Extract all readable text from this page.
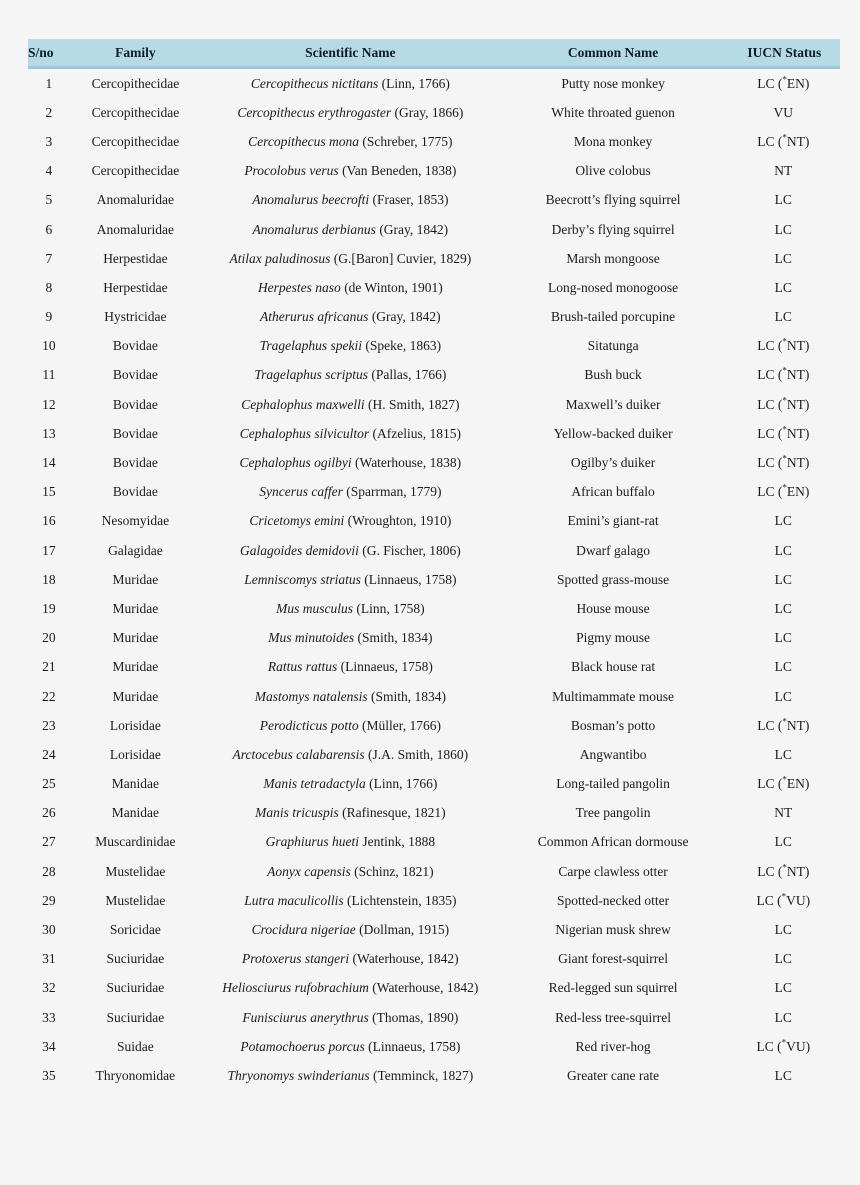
S/no	Family	Scientific Name	Common Name	IUCN Status
1	Cercopithecidae	Cercopithecus nictitans (Linn, 1766)	Putty nose monkey	LC (*EN)
2	Cercopithecidae	Cercopithecus erythrogaster (Gray, 1866)	White throated guenon	VU
3	Cercopithecidae	Cercopithecus mona (Schreber, 1775)	Mona monkey	LC (*NT)
4	Cercopithecidae	Procolobus verus (Van Beneden, 1838)	Olive colobus	NT
5	Anomaluridae	Anomalurus beecrofti (Fraser, 1853)	Beecrott’s flying squirrel	LC
6	Anomaluridae	Anomalurus derbianus (Gray, 1842)	Derby’s flying squirrel	LC
7	Herpestidae	Atilax paludinosus (G.[Baron] Cuvier, 1829)	Marsh mongoose	LC
8	Herpestidae	Herpestes naso (de Winton, 1901)	Long-nosed monogoose	LC
9	Hystricidae	Atherurus africanus (Gray, 1842)	Brush-tailed porcupine	LC
10	Bovidae	Tragelaphus spekii (Speke, 1863)	Sitatunga	LC (*NT)
11	Bovidae	Tragelaphus scriptus (Pallas, 1766)	Bush buck	LC (*NT)
12	Bovidae	Cephalophus maxwelli (H. Smith, 1827)	Maxwell’s duiker	LC (*NT)
13	Bovidae	Cephalophus silvicultor (Afzelius, 1815)	Yellow-backed duiker	LC (*NT)
14	Bovidae	Cephalophus ogilbyi (Waterhouse, 1838)	Ogilby’s duiker	LC (*NT)
15	Bovidae	Syncerus caffer (Sparrman, 1779)	African buffalo	LC (*EN)
16	Nesomyidae	Cricetomys emini (Wroughton, 1910)	Emini’s giant-rat	LC
17	Galagidae	Galagoides demidovii (G. Fischer, 1806)	Dwarf galago	LC
18	Muridae	Lemniscomys striatus (Linnaeus, 1758)	Spotted grass-mouse	LC
19	Muridae	Mus musculus (Linn, 1758)	House mouse	LC
20	Muridae	Mus minutoides (Smith, 1834)	Pigmy mouse	LC
21	Muridae	Rattus rattus (Linnaeus, 1758)	Black house rat	LC
22	Muridae	Mastomys natalensis (Smith, 1834)	Multimammate mouse	LC
23	Lorisidae	Perodicticus potto (Müller, 1766)	Bosman’s potto	LC (*NT)
24	Lorisidae	Arctocebus calabarensis (J.A. Smith, 1860)	Angwantibo	LC
25	Manidae	Manis tetradactyla (Linn, 1766)	Long-tailed pangolin	LC (*EN)
26	Manidae	Manis tricuspis (Rafinesque, 1821)	Tree pangolin	NT
27	Muscardinidae	Graphiurus hueti Jentink, 1888	Common African dormouse	LC
28	Mustelidae	Aonyx capensis (Schinz, 1821)	Carpe clawless otter	LC (*NT)
29	Mustelidae	Lutra maculicollis (Lichtenstein, 1835)	Spotted-necked otter	LC (*VU)
30	Soricidae	Crocidura nigeriae (Dollman, 1915)	Nigerian musk shrew	LC
31	Suciuridae	Protoxerus stangeri (Waterhouse, 1842)	Giant forest-squirrel	LC
32	Suciuridae	Heliosciurus rufobrachium (Waterhouse, 1842)	Red-legged sun squirrel	LC
33	Suciuridae	Funisciurus anerythrus (Thomas, 1890)	Red-less tree-squirrel	LC
34	Suidae	Potamochoerus porcus (Linnaeus, 1758)	Red river-hog	LC (*VU)
35	Thryonomidae	Thryonomys swinderianus (Temminck, 1827)	Greater cane rate	LC
